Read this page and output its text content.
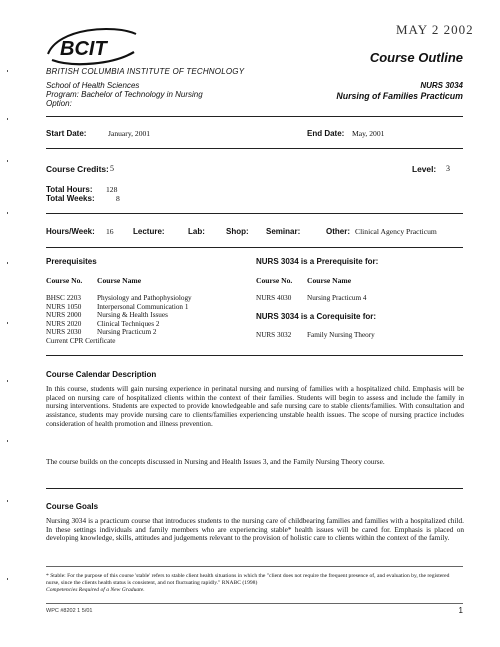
MAY 2 2002
BCIT	Course Outline
BRITISH COLUMBIA INSTITUTE OF TECHNOLOGY
School of Health Sciences
Program: Bachelor of Technology in Nursing
Option:
NURS 3034
Nursing of Families Practicum
Start Date:	January, 2001	End Date: May, 2001
Course Credits: 5	Level: 3
Total Hours: 128
Total Weeks:	8
Hours/Week: 16 Lecture:	Lab:	Shop: Seminar:	Other: Clinical Agency Practicum
Prerequisites
Course No. Course Name
BHSC 2203	Physiology and Pathophysiology
NURS 1050	Interpersonal Communication 1
NURS 2000	Nursing & Health Issues
NURS 2020	Clinical Techniques 2
NURS 2030	Nursing Practicum 2
Current CPR Certificate
NURS 3034 is a Prerequisite for:
Course No. Course Name
NURS 4030	Nursing Practicum 4
NURS 3034 is a Corequisite for:
NURS 3032	Family Nursing Theory
Course Calendar Description
In this course, students will gain nursing experience in perinatal nursing and nursing of families with a hospitalized child. Emphasis will be placed on nursing care of hospitalized clients within the context of their families. Students will begin to assess and include the family in nursing interventions. Students are expected to provide knowledgeable and safe nursing care to stable clients/families. With consultation and assistance, students may provide nursing care to clients/families experiencing unstable health issues. The scope of nursing practice includes consideration of health promotion and illness prevention.
The course builds on the concepts discussed in Nursing and Health Issues 3, and the Family Nursing Theory course.
Course Goals
Nursing 3034 is a practicum course that introduces students to the nursing care of childbearing families and families with a hospitalized child. In these settings individuals and family members who are experiencing stable* health issues will be cared for. Emphasis is placed on developing knowledge, skills, attitudes and judgements relevant to the provision of holistic care to clients within the context of the family.
* Stable: For the purpose of this course 'stable' refers to stable client health situations in which the "client does not require the frequent presence of, and evaluation by, the registered nurse, since the clients health status is consistent, and not fluctuating rapidly." RNABC (1998)
Competencies Required of a New Graduate.
WPC #8202 1 5/01	1
